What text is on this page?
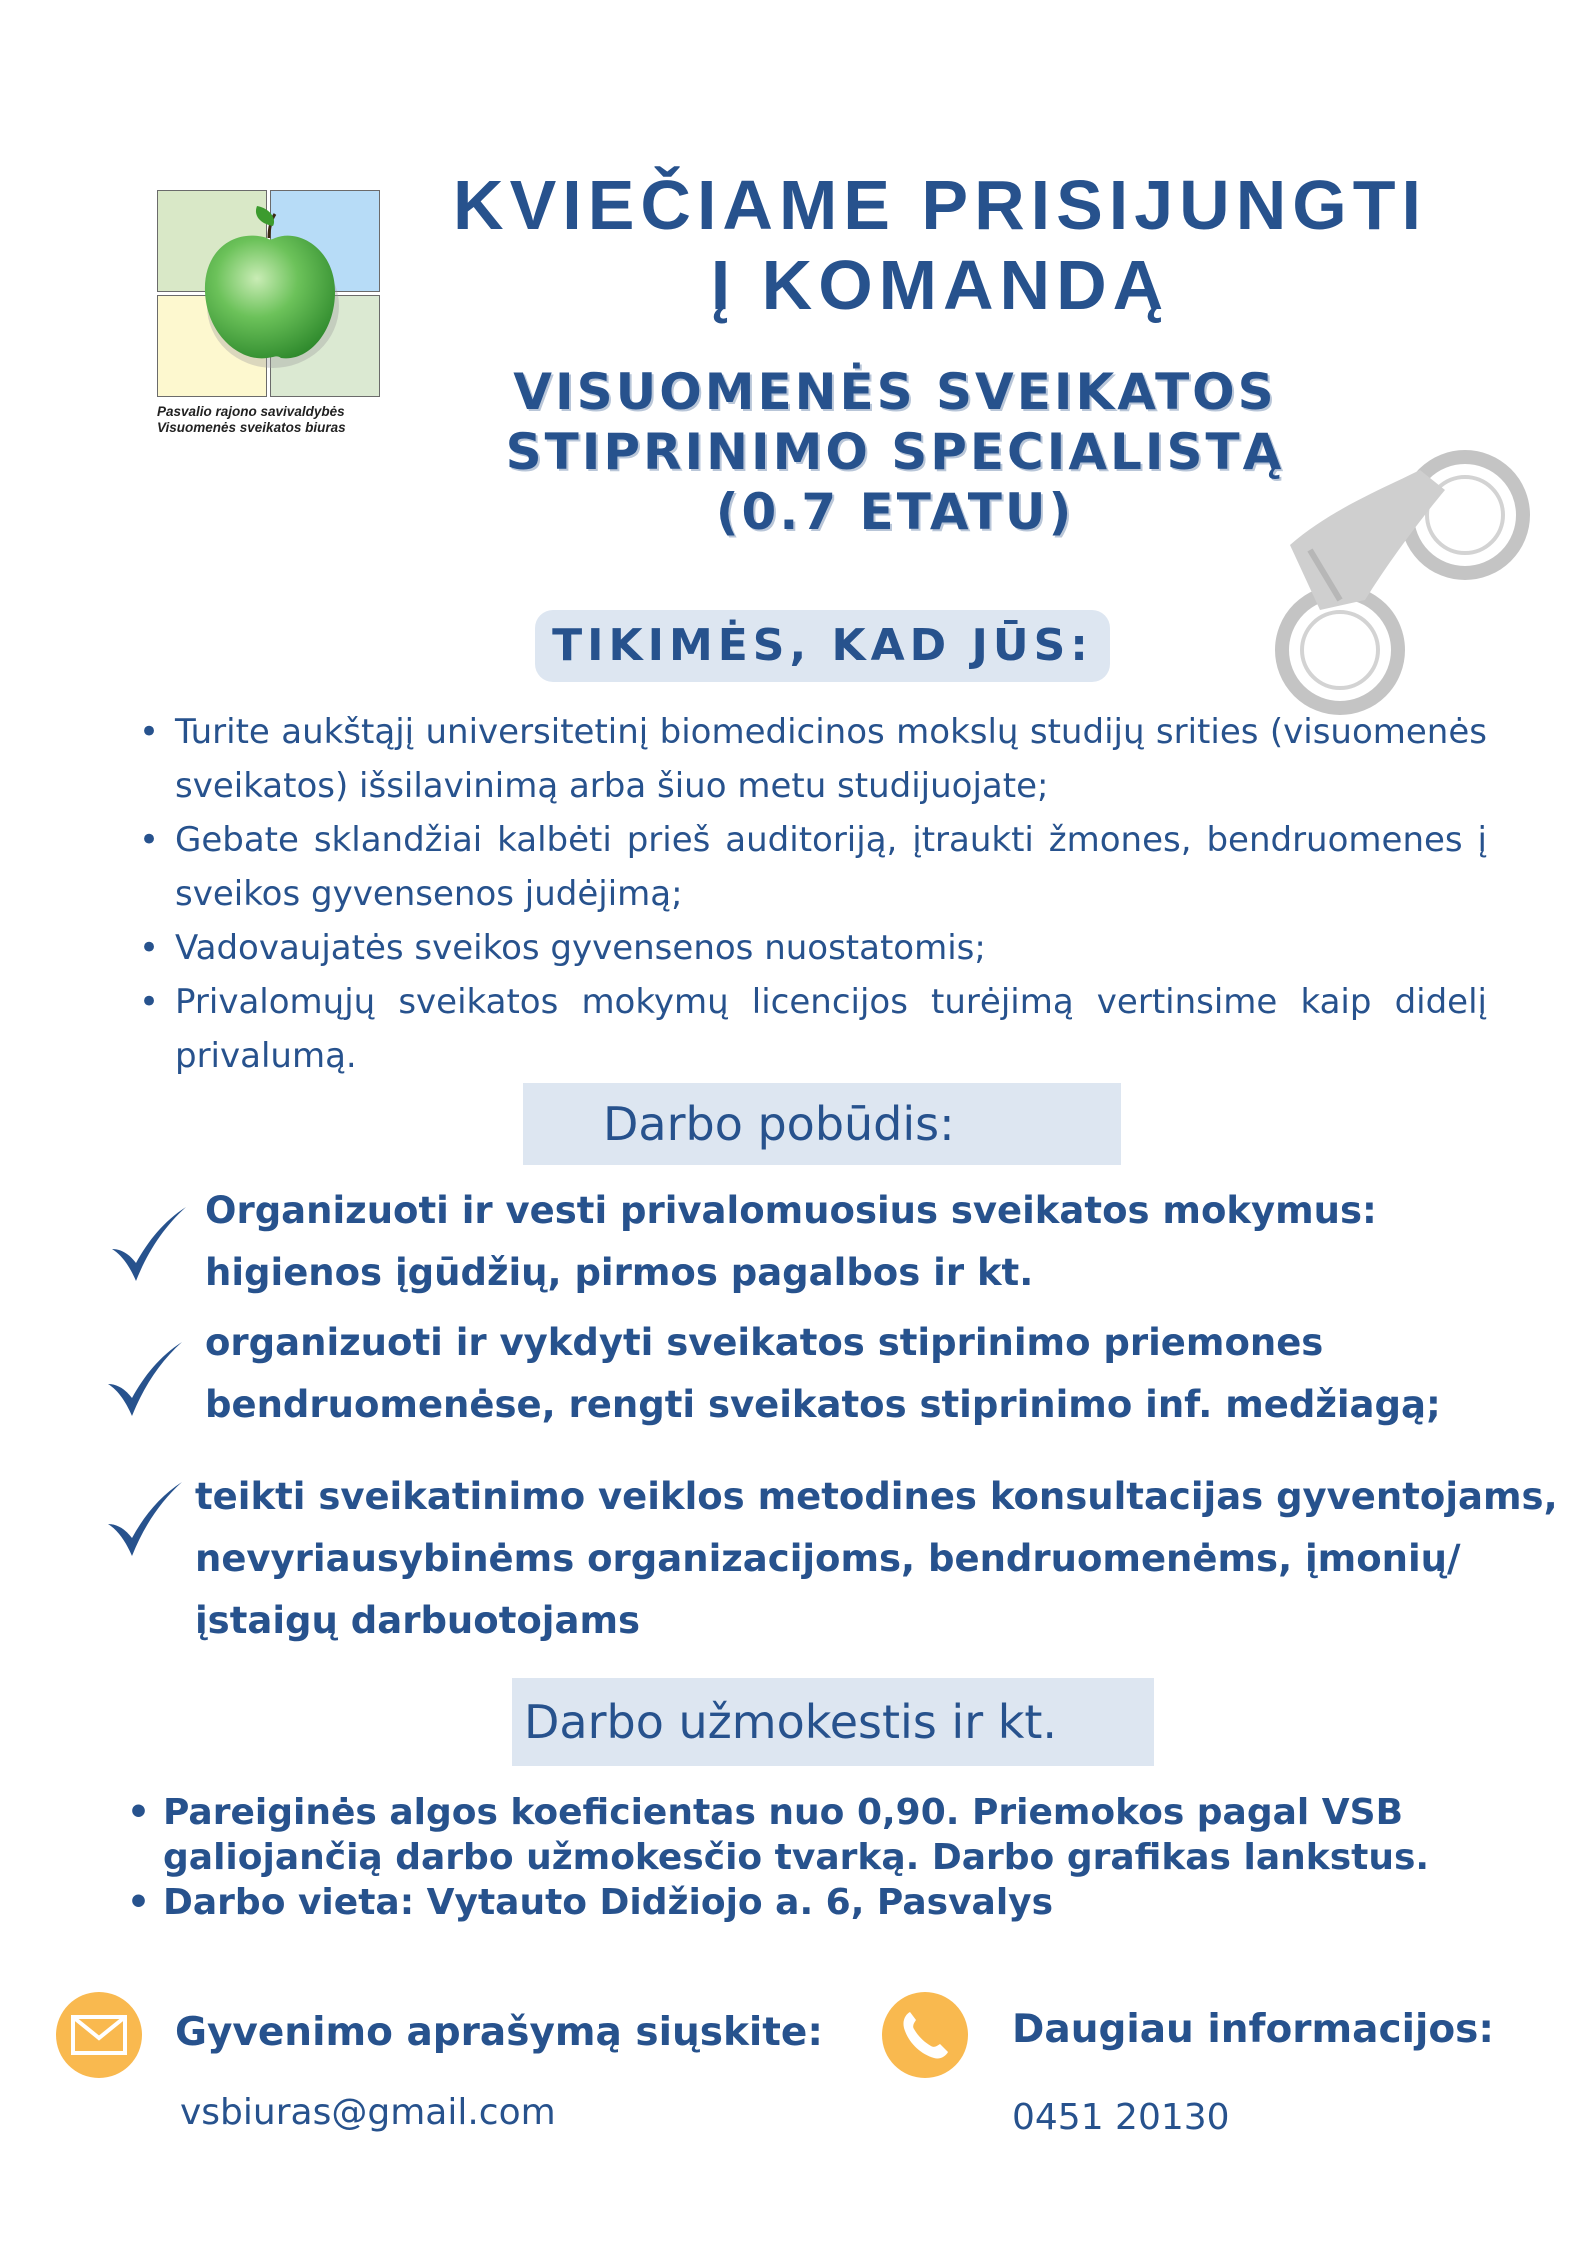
Pasvalio rajono savivaldybės
Visuomenės sveikatos biuras
KVIEČIAME PRISIJUNGTI
Į KOMANDĄ
VISUOMENĖS SVEIKATOS
STIPRINIMO SPECIALISTĄ
(0.7 ETATU)
TIKIMĖS, KAD JŪS:
• Turite aukštąjį universitetinį biomedicinos mokslų studijų srities (visuomenės sveikatos) išsilavinimą arba šiuo metu studijuojate;
• Gebate sklandžiai kalbėti prieš auditoriją, įtraukti žmones, bendruomenes į sveikos gyvensenos judėjimą;
• Vadovaujatės sveikos gyvensenos nuostatomis;
• Privalomųjų sveikatos mokymų licencijos turėjimą vertinsime kaip didelį privalumą.
Darbo pobūdis:
Organizuoti ir vesti privalomuosius sveikatos mokymus:
higienos įgūdžių, pirmos pagalbos ir kt.
organizuoti ir vykdyti sveikatos stiprinimo priemones
bendruomenėse, rengti sveikatos stiprinimo inf. medžiagą;
teikti sveikatinimo veiklos metodines konsultacijas gyventojams,
nevyriausybinėms organizacijoms, bendruomenėms, įmonių/
įstaigų darbuotojams
Darbo užmokestis ir kt.
• Pareiginės algos koeficientas nuo 0,90. Priemokos pagal VSB
galiojančią darbo užmokesčio tvarką. Darbo grafikas lankstus.
• Darbo vieta: Vytauto Didžiojo a. 6, Pasvalys
Gyvenimo aprašymą siųskite:
vsbiuras@gmail.com
Daugiau informacijos:
0451 20130
